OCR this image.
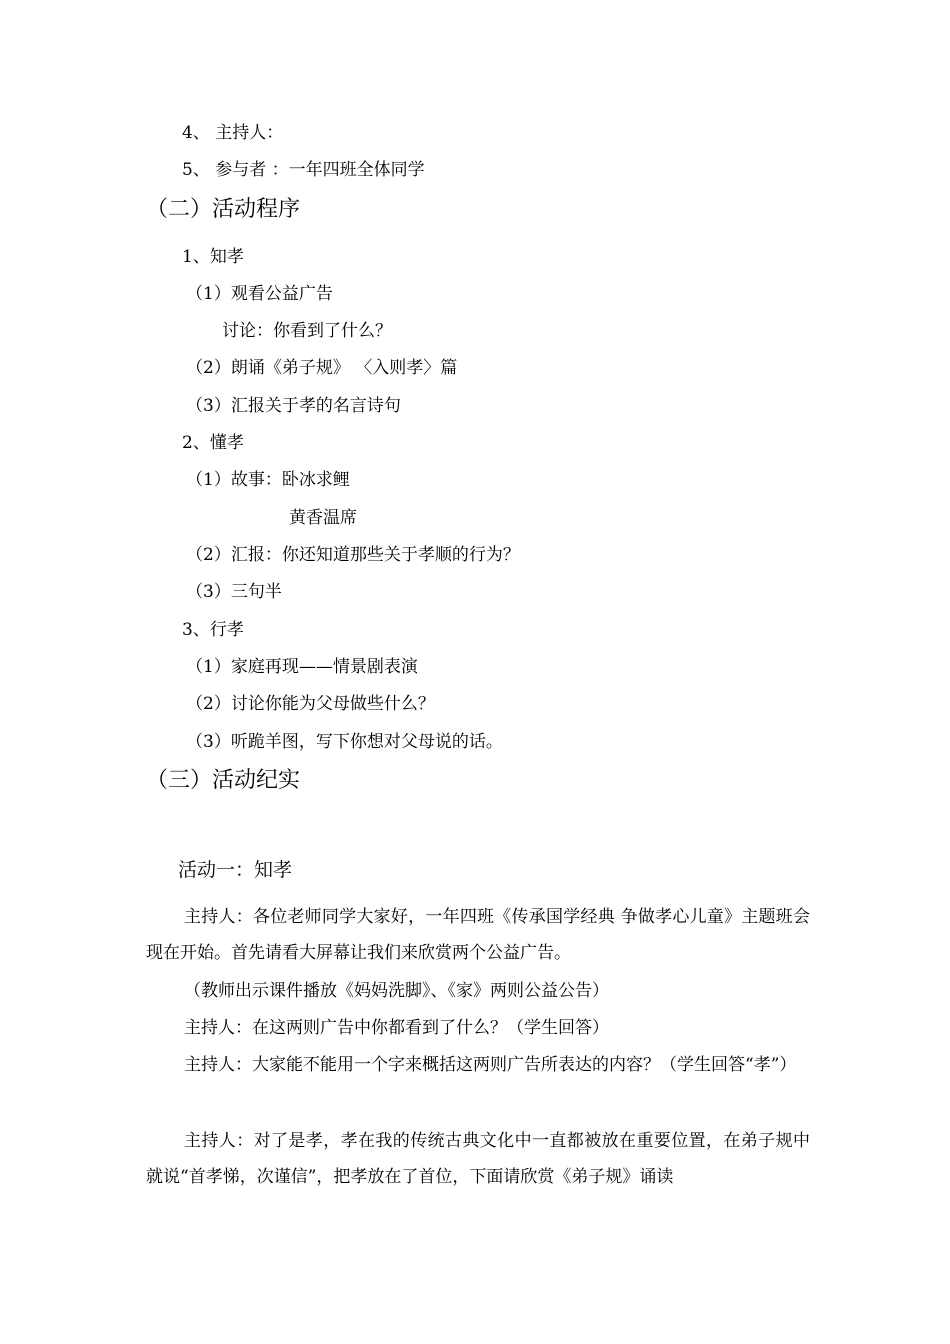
4、 主持人：
5、 参与者 ：一年四班全体同学
（二）活动程序
1、知孝
（1）观看公益广告
讨论：你看到了什么？
（2）朗诵《弟子规》 〈入则孝〉篇
（3）汇报关于孝的名言诗句
2、懂孝
（1）故事：卧冰求鲤
黄香温席
（2）汇报：你还知道那些关于孝顺的行为？
（3）三句半
3、行孝
（1）家庭再现——情景剧表演
（2）讨论你能为父母做些什么？
（3）听跪羊图，写下你想对父母说的话。
（三）活动纪实
活动一：知孝
主持人：各位老师同学大家好，一年四班《传承国学经典 争做孝心儿童》主题班会现在开始。首先请看大屏幕让我们来欣赏两个公益广告。
（教师出示课件播放《妈妈洗脚》、《家》两则公益公告）
主持人：在这两则广告中你都看到了什么？（学生回答）
主持人：大家能不能用一个字来概括这两则广告所表达的内容？（学生回答“孝”）
主持人：对了是孝，孝在我的传统古典文化中一直都被放在重要位置，在弟子规中就说“首孝悌，次谨信”，把孝放在了首位，下面请欣赏《弟子规》诵读
